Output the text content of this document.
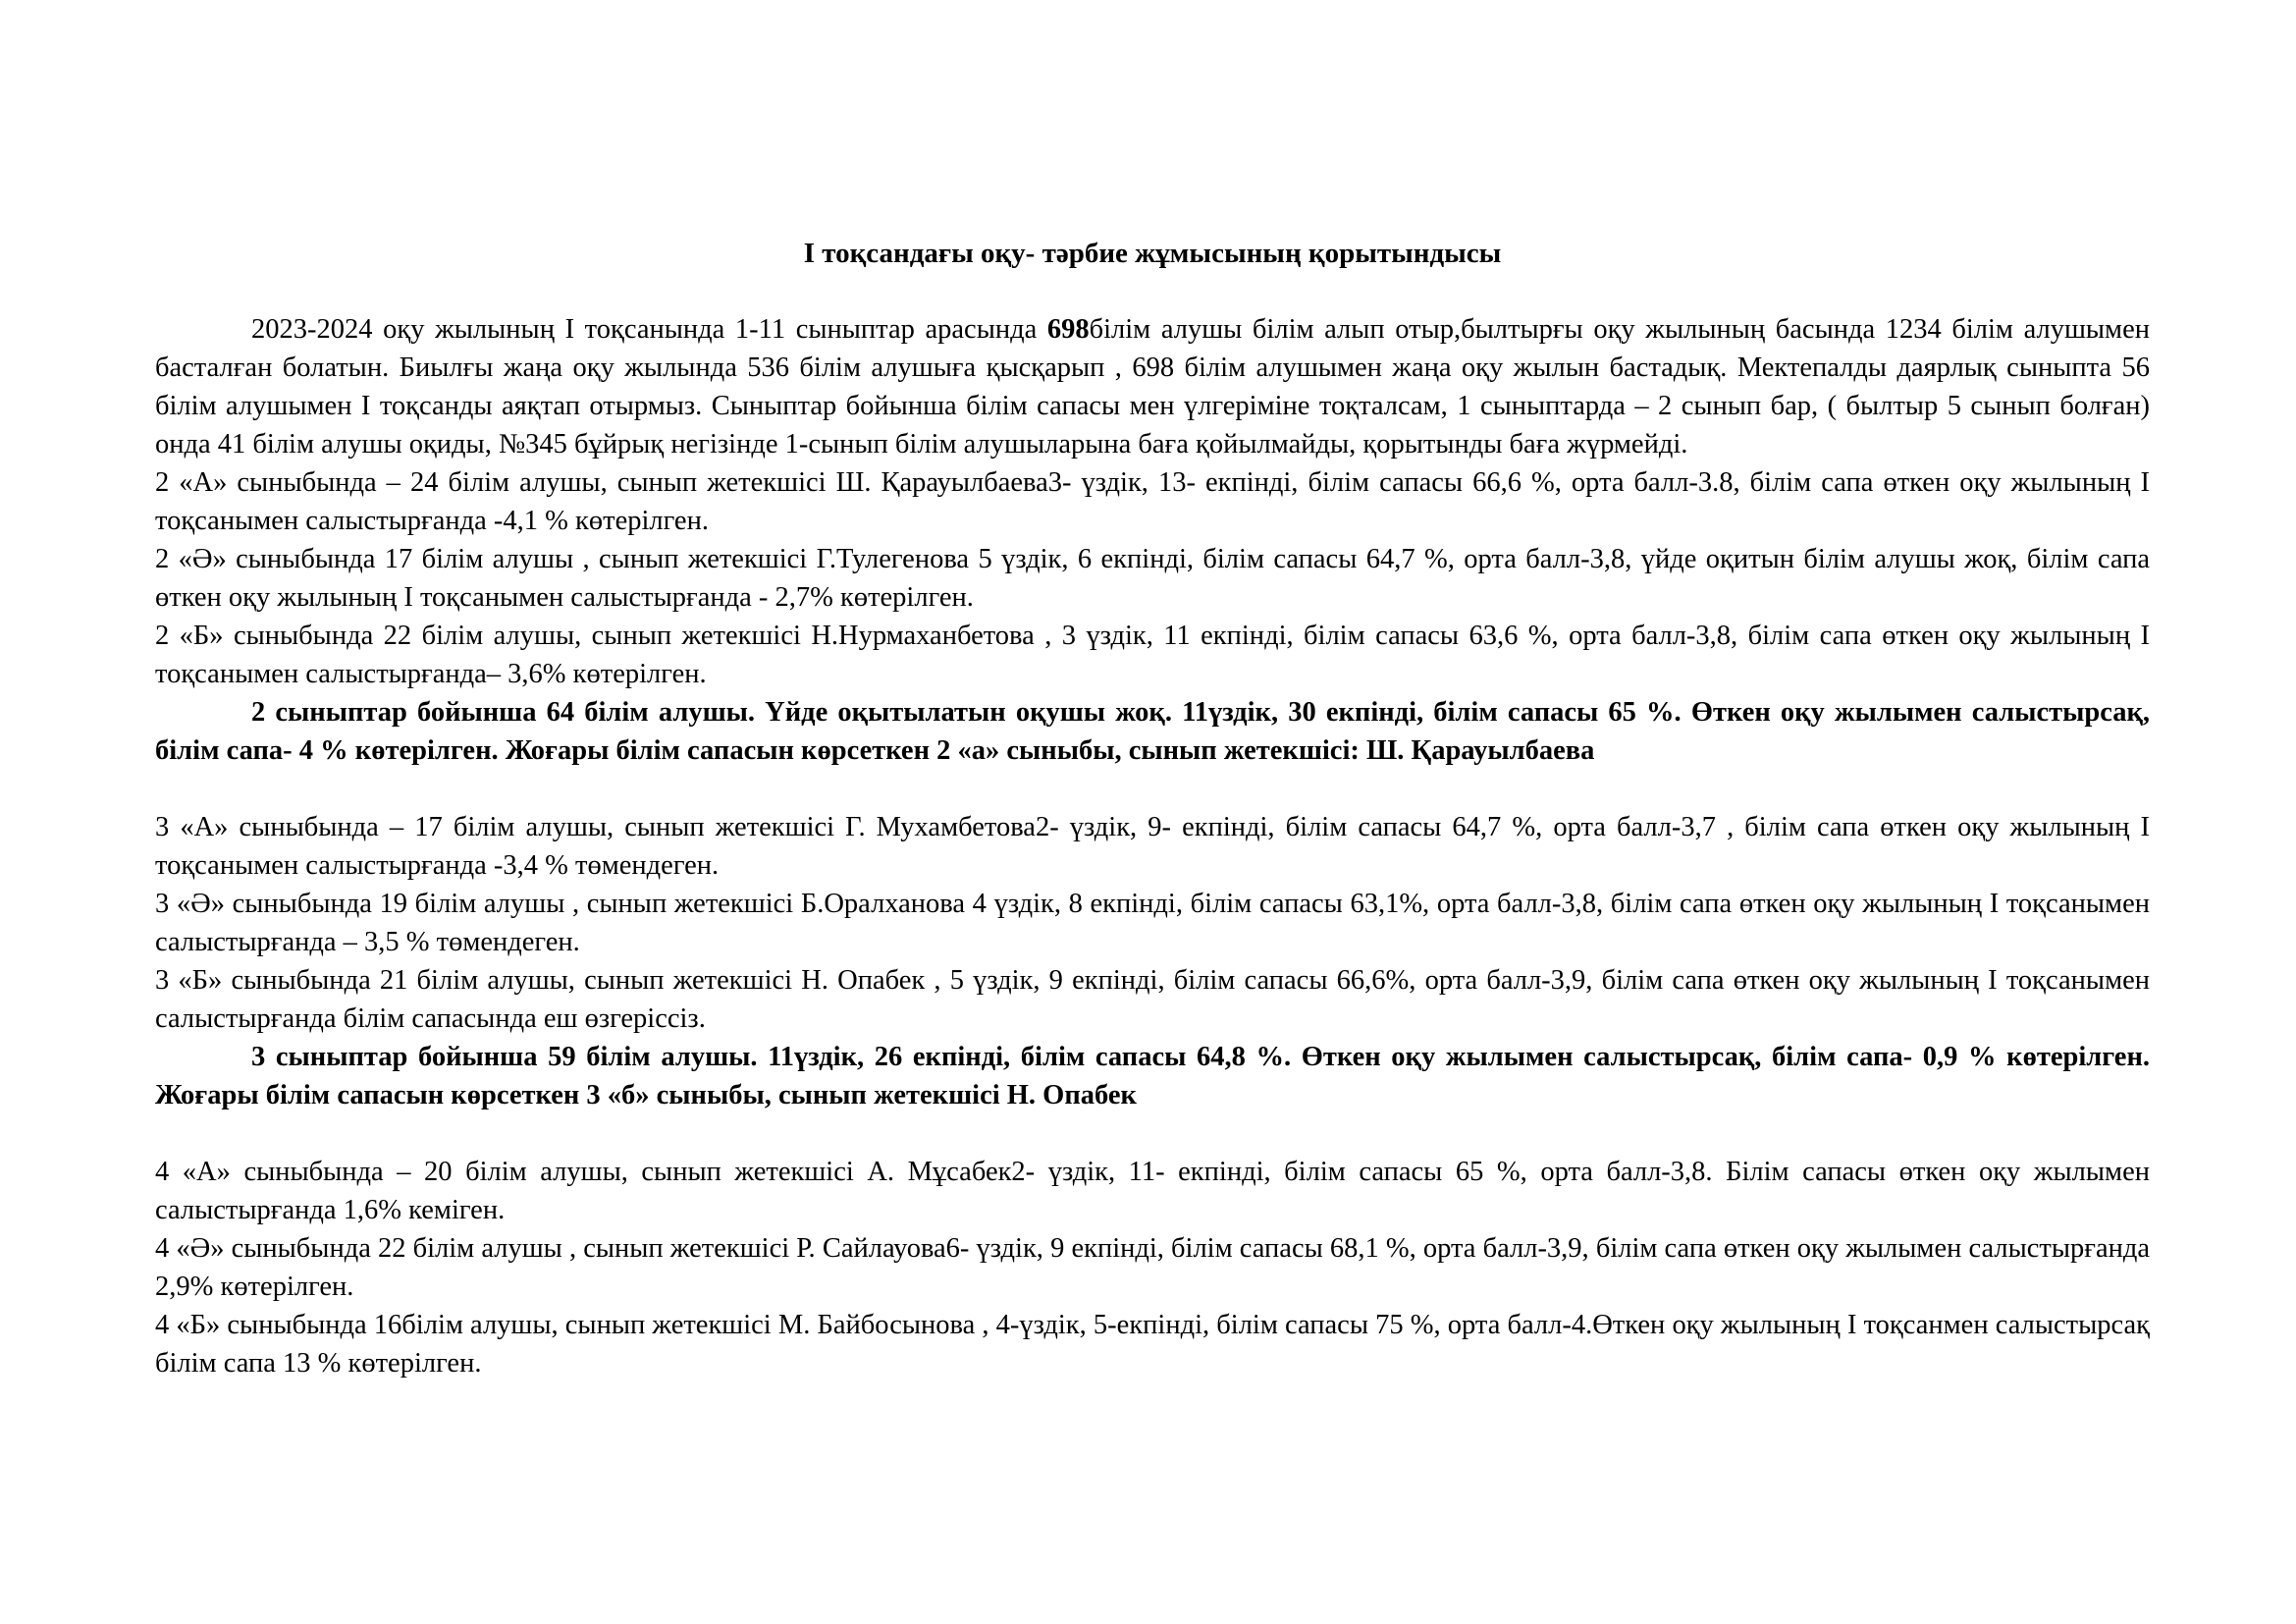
I тоқсандағы оқу- тәрбие жұмысының қорытындысы

2023-2024 оқу жылының I тоқсанында 1-11 сыныптар арасында 698білім алушы білім алып отыр,былтырғы оқу жылының басында 1234 білім алушымен басталған болатын. Биылғы жаңа оқу жылында 536 білім алушыға қысқарып , 698 білім алушымен жаңа оқу жылын бастадық. Мектепалды даярлық сыныпта 56 білім алушымен I тоқсанды аяқтап отырмыз. Сыныптар бойынша білім сапасы мен үлгеріміне тоқталсам, 1 сыныптарда – 2 сынып бар, ( былтыр 5 сынып болған) онда 41 білім алушы оқиды, №345 бұйрық негізінде 1-сынып білім алушыларына баға қойылмайды, қорытынды баға жүрмейді.

2 «А» сыныбында – 24 білім алушы, сынып жетекшісі Ш. Қарауылбаева3- үздік, 13- екпінді, білім сапасы 66,6 %, орта балл-3.8, білім сапа өткен оқу жылының I тоқсанымен салыстырғанда -4,1 % көтерілген.

2 «Ә» сыныбында 17 білім алушы , сынып жетекшісі Г.Тулегенова 5 үздік, 6 екпінді, білім сапасы 64,7 %, орта балл-3,8, үйде оқитын білім алушы жоқ, білім сапа өткен оқу жылының I тоқсанымен салыстырғанда - 2,7% көтерілген.

2 «Б» сыныбында 22 білім алушы, сынып жетекшісі Н.Нурмаханбетова , 3 үздік, 11 екпінді, білім сапасы 63,6 %, орта балл-3,8, білім сапа өткен оқу жылының I тоқсанымен салыстырғанда– 3,6% көтерілген.

2 сыныптар бойынша 64 білім алушы. Үйде оқытылатын оқушы жоқ. 11үздік, 30 екпінді, білім сапасы 65 %. Өткен оқу жылымен салыстырсақ, білім сапа- 4 % көтерілген. Жоғары білім сапасын көрсеткен 2 «а» сыныбы, сынып жетекшісі: Ш. Қарауылбаева

3 «А» сыныбында – 17 білім алушы, сынып жетекшісі Г. Мухамбетова2- үздік, 9- екпінді, білім сапасы 64,7 %, орта балл-3,7 , білім сапа өткен оқу жылының I тоқсанымен салыстырғанда -3,4 % төмендеген.

3 «Ә» сыныбында 19 білім алушы , сынып жетекшісі Б.Оралханова 4 үздік, 8 екпінді, білім сапасы 63,1%, орта балл-3,8, білім сапа өткен оқу жылының I тоқсанымен салыстырғанда – 3,5 % төмендеген.

3 «Б» сыныбында 21 білім алушы, сынып жетекшісі Н. Опабек , 5 үздік, 9 екпінді, білім сапасы 66,6%, орта балл-3,9, білім сапа өткен оқу жылының I тоқсанымен салыстырғанда білім сапасында еш өзгеріссіз.

3 сыныптар бойынша 59 білім алушы. 11үздік, 26 екпінді, білім сапасы 64,8 %. Өткен оқу жылымен салыстырсақ, білім сапа- 0,9 % көтерілген. Жоғары білім сапасын көрсеткен 3 «б» сыныбы, сынып жетекшісі Н. Опабек

4 «А» сыныбында – 20 білім алушы, сынып жетекшісі А. Мұсабек2- үздік, 11- екпінді, білім сапасы 65 %, орта балл-3,8. Білім сапасы өткен оқу жылымен салыстырғанда 1,6% кеміген.

4 «Ә» сыныбында 22 білім алушы , сынып жетекшісі Р. Сайлауова6- үздік, 9 екпінді, білім сапасы 68,1 %, орта балл-3,9, білім сапа өткен оқу жылымен салыстырғанда 2,9% көтерілген.

4 «Б» сыныбында 16білім алушы, сынып жетекшісі М. Байбосынова , 4-үздік, 5-екпінді, білім сапасы 75 %, орта балл-4.Өткен оқу жылының I тоқсанмен салыстырсақ білім сапа 13 % көтерілген.
